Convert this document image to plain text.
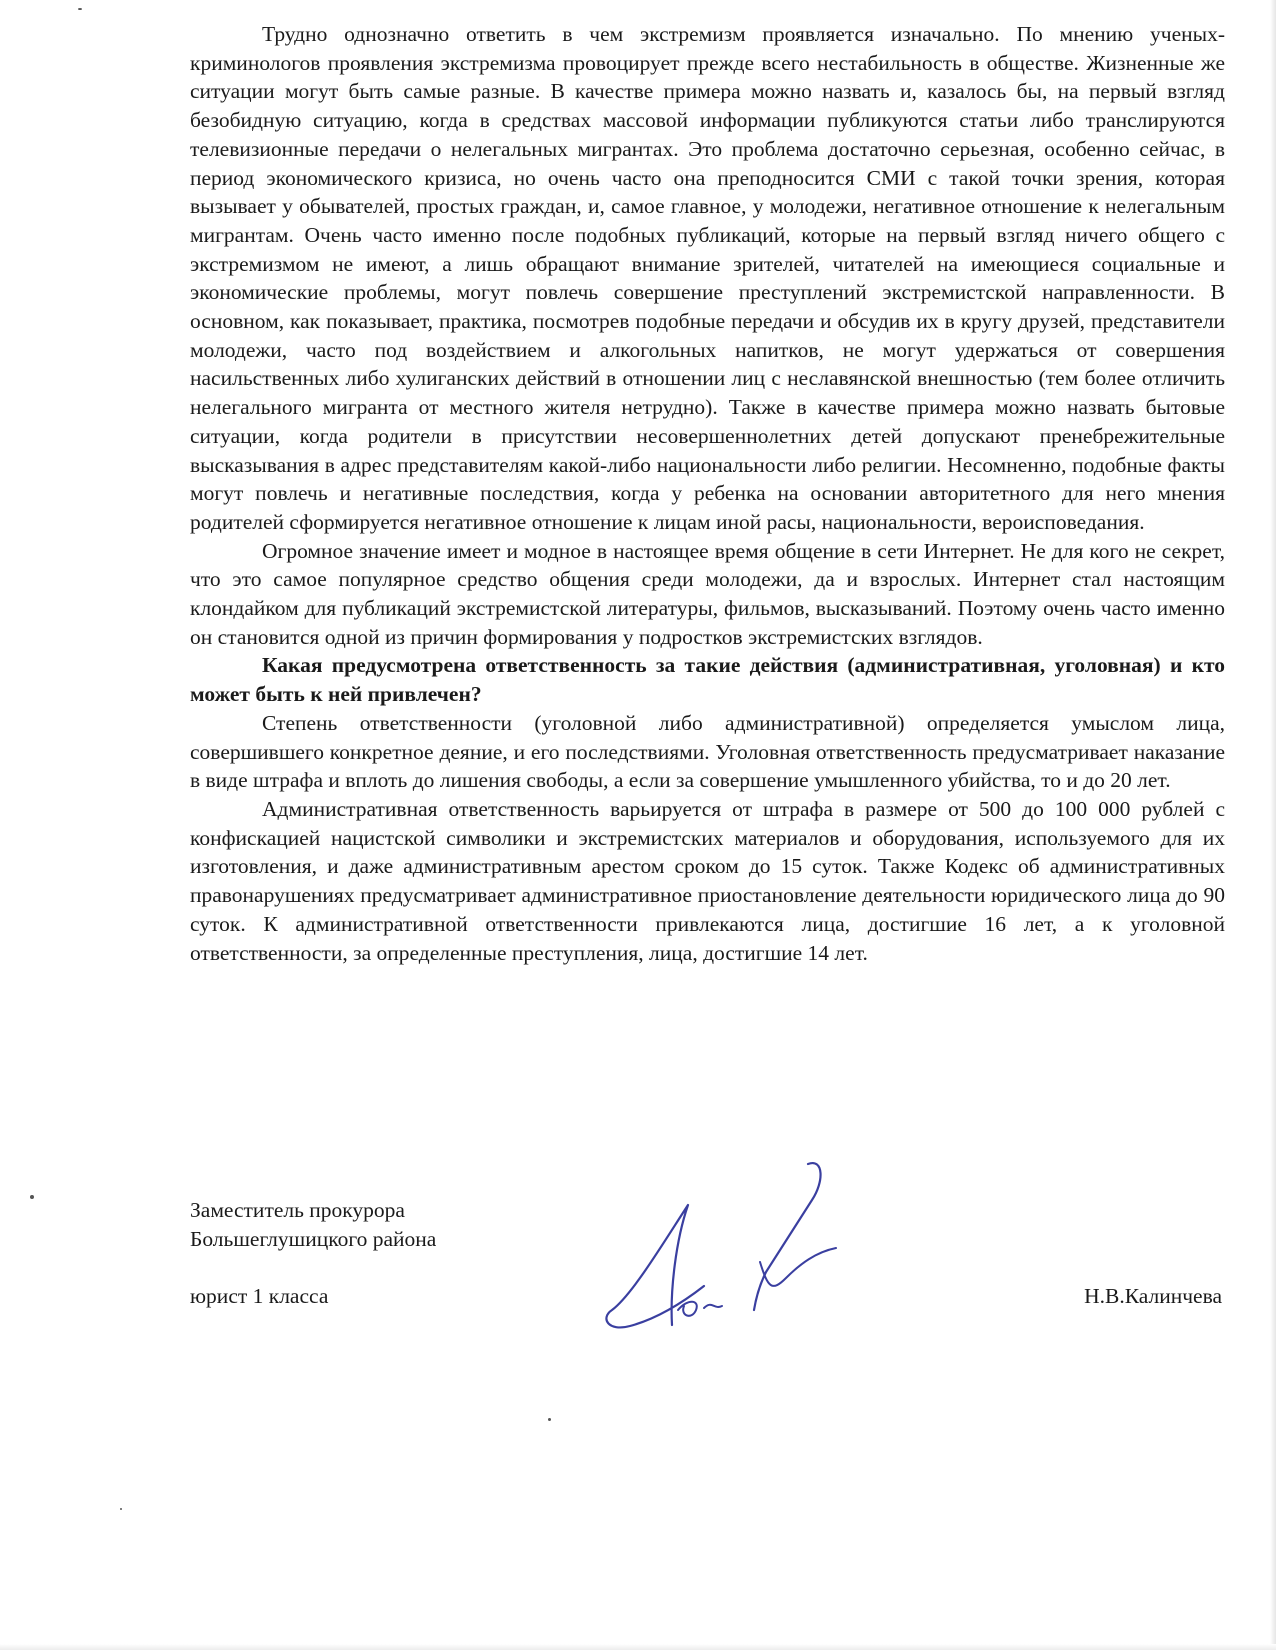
Трудно однозначно ответить в чем экстремизм проявляется изначально. По мнению ученых-криминологов проявления экстремизма провоцирует прежде всего нестабильность в обществе. Жизненные же ситуации могут быть самые разные. В качестве примера можно назвать и, казалось бы, на первый взгляд безобидную ситуацию, когда в средствах массовой информации публикуются статьи либо транслируются телевизионные передачи о нелегальных мигрантах. Это проблема достаточно серьезная, особенно сейчас, в период экономического кризиса, но очень часто она преподносится СМИ с такой точки зрения, которая вызывает у обывателей, простых граждан, и, самое главное, у молодежи, негативное отношение к нелегальным мигрантам. Очень часто именно после подобных публикаций, которые на первый взгляд ничего общего с экстремизмом не имеют, а лишь обращают внимание зрителей, читателей на имеющиеся социальные и экономические проблемы, могут повлечь совершение преступлений экстремистской направленности. В основном, как показывает, практика, посмотрев подобные передачи и обсудив их в кругу друзей, представители молодежи, часто под воздействием и алкогольных напитков, не могут удержаться от совершения насильственных либо хулиганских действий в отношении лиц с неславянской внешностью (тем более отличить нелегального мигранта от местного жителя нетрудно). Также в качестве примера можно назвать бытовые ситуации, когда родители в присутствии несовершеннолетних детей допускают пренебрежительные высказывания в адрес представителям какой-либо национальности либо религии. Несомненно, подобные факты могут повлечь и негативные последствия, когда у ребенка на основании авторитетного для него мнения родителей сформируется негативное отношение к лицам иной расы, национальности, вероисповедания.

Огромное значение имеет и модное в настоящее время общение в сети Интернет. Не для кого не секрет, что это самое популярное средство общения среди молодежи, да и взрослых. Интернет стал настоящим клондайком для публикаций экстремистской литературы, фильмов, высказываний. Поэтому очень часто именно он становится одной из причин формирования у подростков экстремистских взглядов.

Какая предусмотрена ответственность за такие действия (административная, уголовная) и кто может быть к ней привлечен?

Степень ответственности (уголовной либо административной) определяется умыслом лица, совершившего конкретное деяние, и его последствиями. Уголовная ответственность предусматривает наказание в виде штрафа и вплоть до лишения свободы, а если за совершение умышленного убийства, то и до 20 лет.

Административная ответственность варьируется от штрафа в размере от 500 до 100 000 рублей с конфискацией нацистской символики и экстремистских материалов и оборудования, используемого для их изготовления, и даже административным арестом сроком до 15 суток. Также Кодекс об административных правонарушениях предусматривает административное приостановление деятельности юридического лица до 90 суток. К административной ответственности привлекаются лица, достигшие 16 лет, а к уголовной ответственности, за определенные преступления, лица, достигшие 14 лет.

Заместитель прокурора
Большеглушицкого района
юрист 1 класса	Н.В.Калинчева
